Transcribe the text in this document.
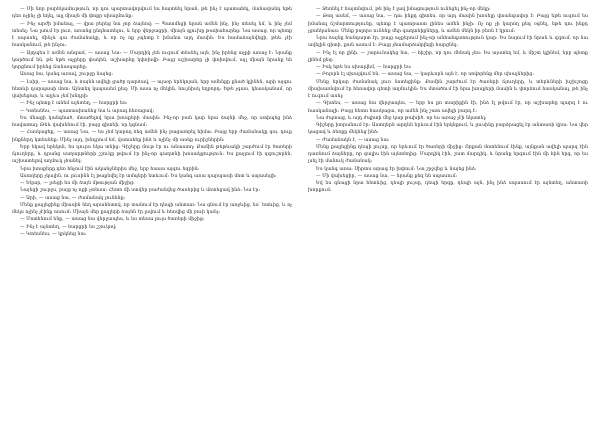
— Մի նոր բարեկամություն, որ դու պարտավորվում ես հայտնել նրան, թե ինչ է պատահել, մանավանդ եթե դեռ ոչինչ չի եղել, այլ միայն մի փոքր սխալմունք:

— Ինչ արժի իմանալ, — վրա բերեց նա չոր ձայնով: — Պատմեցի նրան ամեն ինչ, ինչ տեսել եմ, և ինչ չեմ տեսել: Նա լսում էր լուռ, առանց ընդհատելու, և երբ վերջացրի, միայն գլուխը թափահարեց: Նա ասաց, որ պետք է սպասել, մինչև գա ժամանակը, և որ ոչ ոք չպետք է իմանա այդ մասին: Ես համաձայնվեցի, թեև չէի հասկանում, թե ինչու:

— Այդպես է ամեն անգամ, — ասաց Նա: — Մարդիկ չեն ուզում տեսնել այն, ինչ իրենց աչքի առաջ է: Նրանք կարծում են, թե եթե աչքերը փակեն, աշխարհը կփոխվի: Բայց աշխարհը չի փոխվում, այլ միայն նրանք են կորցնում իրենց ճանապարհը:

Ասաց նա, կանգ առավ, շուրջը նայեց:

— Լսիր, — ասաց նա, և ձայնն ավելի ցածր դարձավ, — այսօր երեկոյան, երբ ամենքը քնած կլինեն, արի այգու հետևի դարպասի մոտ: Այնտեղ կսպասեմ քեզ: Մի ասա ոչ մեկին, նույնիսկ եղբորդ: Եթե չգաս, կհասկանամ, որ վախեցար, և այլևս չեմ խնդրի:

— Ինչ պետք է անեմ այնտեղ, — հարցրի ես:

— Կտեսնես, — պատասխանեց նա և արագ հեռացավ:

Ես մնացի կանգնած, մտածելով նրա խոսքերի մասին: Ինչ-որ բան կար նրա ձայնի մեջ, որ ստիպեց ինձ հավատալ: Թեև վախենում էի, բայց գիտեի, որ կգնամ:

— Հասկացեք, — ասաց Նա, — ես չեմ կարող ձեզ ամեն ինչ բացատրել հիմա: Բայց երբ ժամանակը գա, դուք ինքներդ կտեսնեք: Մինչ այդ, խնդրում եմ, վստահեք ինձ և ոչինչ մի ասեք ուրիշներին:

Երբ եկավ երեկոն, ես դուրս եկա տնից: Գիշերը մութ էր ու անաստղ: Քամին թեթևակի շարժում էր ծառերի ճյուղերը, և դրանց սաղարթների շշուկը թվում էր ինչ-որ գաղտնի խոսակցություն: Ես քայլում էի զգուշորեն, աշխատելով աղմուկ չհանել:

Նրա խոսքերը դեռ հնչում էին ականջներիս մեջ, երբ հասա այգու եզրին:

Աստղերը չկային, ու լուսինն էլ թաքնվել էր ամպերի ետևում: Ես կանգ առա դարպասի մոտ և սպասեցի:

— Եկար, — լսեցի ես մի ձայն մթության միջից:

Նայեցի շուրջս, բայց ոչ ոքի չտեսա: Հետո մի ստվեր բաժանվեց ծառերից և մոտեցավ ինձ: Նա էր:

— Արի, — ասաց նա, — ժամանակ չունենք:

Մենք քայլեցինք միասին նեղ արահետով, որ տանում էր դեպի անտառ: Նա գնում էր առջևից, ես՝ ետևից, և ոչ մեկս ոչինչ չէինք ասում: Միայն մեր քայլերի ձայնն էր լսվում և հեռվից մի բուի կանչ:

— Մոտենում ենք, — ասաց նա վերջապես, և ես տեսա լույս ծառերի միջից:

— Ինչ է այնտեղ, — հարցրի ես շշուկով:

— Կտեսնես, — կրկնեց նա:

— Ջեռնել է հայտնվում, թե ինչ է լավ իմացություն ունեցել ինչ-որ մեկը:

— Թող ասեմ, — ասաց նա, — դու ինքդ գիտես, որ այդ մասին խոսելը վտանգավոր է: Բայց եթե ուզում ես իմանալ ճշմարտությունը, պետք է պատրաստ լինես ամեն ինչի: Ոչ ոք չի կարող քեզ օգնել, եթե դու ինքդ չցանկանաս: Մենք բոլորս ունենք մեր գաղտնիքները, և ամեն մեկն իր բեռն է կրում:

Նրա ձայնը հանդարտ էր, բայց աչքերում ինչ-որ անհանգստություն կար: Ես նայում էի նրան և զգում, որ նա ավելին գիտի, քան ասում է: Բայց չհամարձակվեցի հարցնել:

— Ինչ էլ որ լինի, — շարունակեց նա, — հիշիր, որ դու մենակ չես: Ես այստեղ եմ, և միշտ կլինեմ, երբ պետք լինեմ քեզ:

— Իսկ եթե ես սխալվեմ, — հարցրի ես:

— Բոլորն էլ սխալվում են, — ասաց նա, — կարևորն այն է, որ սովորենք մեր սխալներից:

Մենք երկար ժամանակ լուռ նստեցինք: Քամին շարժում էր ծառերի ճյուղերը, և տերևների խշխշոցը միախառնվում էր հեռավոր գետի աղմուկին: Ես մտածում էի նրա խոսքերի մասին և փորձում հասկանալ, թե ինչ է ուզում ասել:

— Գիտես, — ասաց նա վերջապես, — երբ ես քո տարիքին էի, ինձ էլ թվում էր, որ աշխարհը պարզ է ու հասկանալի: Բայց հետո հասկացա, որ ամեն ինչ շատ ավելի բարդ է:

Նա ժպտաց, և այդ ժպիտի մեջ կար թախիծ, որ ես առաջ չէի նկատել:

Գիշերը խորանում էր: Աստղերն արդեն երևում էին երկնքում, և լուսինը բարձրացել էր անտառի վրա: Նա վեր կացավ և ձեռքը մեկնեց ինձ:

— Ժամանակն է, — ասաց նա:

Մենք քայլեցինք դեպի լույսը, որ երևում էր ծառերի միջից: Որքան մոտենում էինք, այնքան ավելի պարզ էին դառնում ձայները, որ գալիս էին այնտեղից: Մարդիկ էին, շատ մարդիկ, և նրանք երգում էին մի հին երգ, որ ես լսել էի մանուկ ժամանակ:

Ես կանգ առա: Սիրտս արագ էր խփում: Նա շրջվեց և նայեց ինձ:

— Մի վախեցիր, — ասաց նա, — նրանք քեզ են սպասում:

Եվ ես գնացի նրա հետևից, դեպի լույսը, դեպի երգը, դեպի այն, ինչ ինձ սպասում էր այնտեղ, անտառի խորքում:
